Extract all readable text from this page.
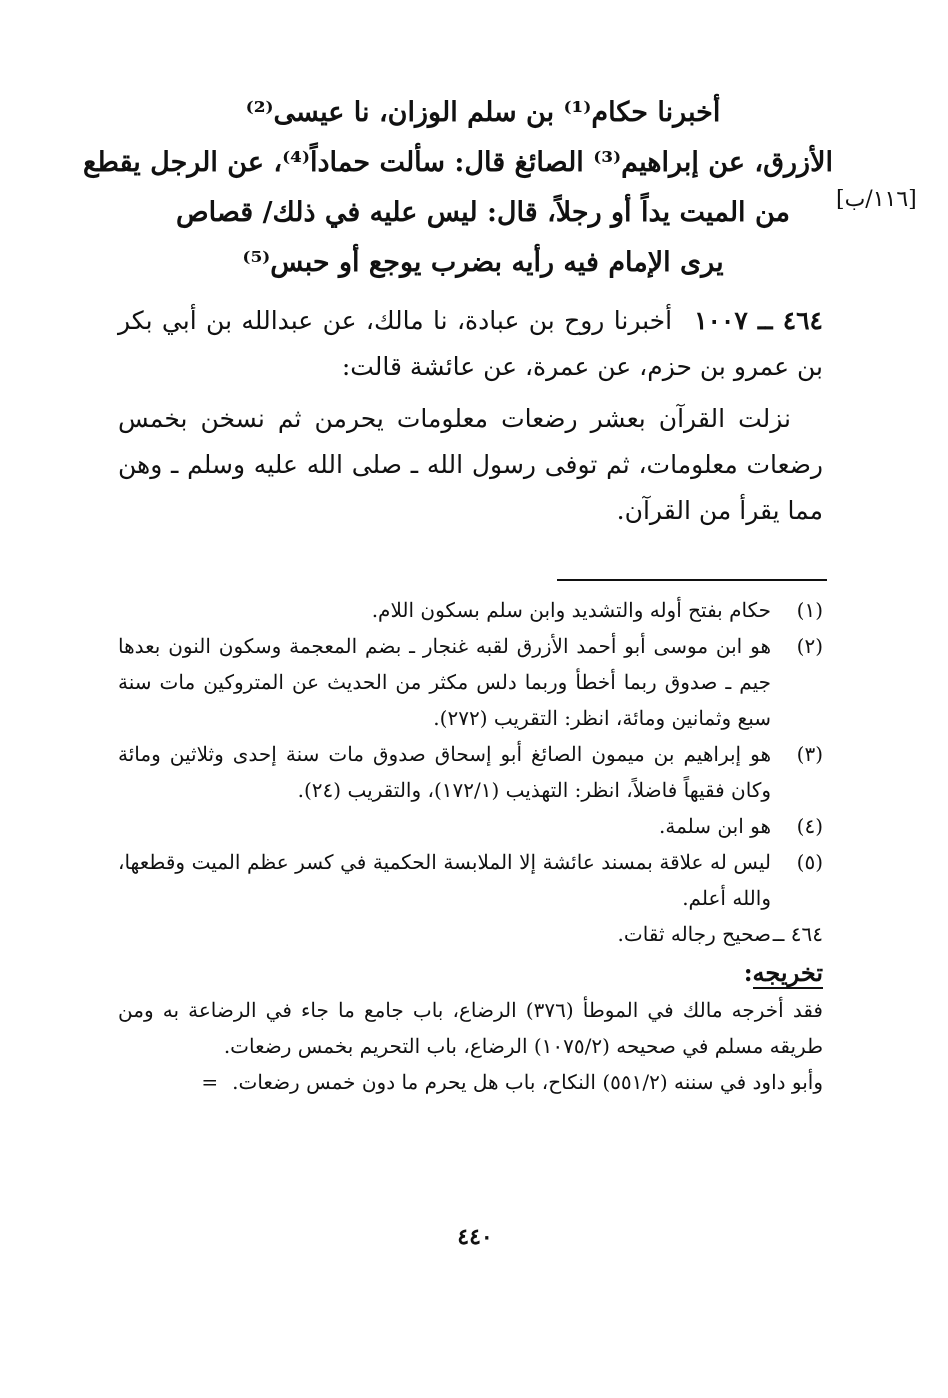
أخبرنا حكام⁽¹⁾ بن سلم الوزان، نا عيسى⁽²⁾
الأزرق، عن إبراهيم⁽³⁾ الصائغ قال: سألت حماداً⁽⁴⁾، عن الرجل يقطع
من الميت يداً أو رجلاً، قال: ليس عليه في ذلك/ قصاص
يرى الإمام فيه رأيه بضرب يوجع أو حبس⁽⁵⁾
[١١٦/ب]

٤٦٤ ــ ١٠٠٧أخبرنا روح بن عبادة، نا مالك، عن عبدالله بن أبي بكر بن عمرو بن حزم، عن عمرة، عن عائشة قالت:

نزلت القرآن بعشر رضعات معلومات يحرمن ثم نسخن بخمس رضعات معلومات، ثم توفى رسول الله ـ صلى الله عليه وسلم ـ وهن مما يقرأ من القرآن.

(١)
حكام بفتح أوله والتشديد وابن سلم بسكون اللام.
(٢)
هو ابن موسى أبو أحمد الأزرق لقبه غنجار ـ بضم المعجمة وسكون النون بعدها جيم ـ صدوق ربما أخطأ وربما دلس مكثر من الحديث عن المتروكين مات سنة سبع وثمانين ومائة، انظر: التقريب (٢٧٢).
(٣)
هو إبراهيم بن ميمون الصائغ أبو إسحاق صدوق مات سنة إحدى وثلاثين ومائة وكان فقيهاً فاضلاً، انظر: التهذيب (١٧٢/١)، والتقريب (٢٤).
(٤)
هو ابن سلمة.
(٥)
ليس له علاقة بمسند عائشة إلا الملابسة الحكمية في كسر عظم الميت وقطعها، والله أعلم.
٤٦٤ ــ
صحيح رجاله ثقات.
تخريجه:
فقد أخرجه مالك في الموطأ (٣٧٦) الرضاع، باب جامع ما جاء في الرضاعة به ومن طريقه مسلم في صحيحه (١٠٧٥/٢) الرضاع، باب التحريم بخمس رضعات.
وأبو داود في سننه (٥٥١/٢) النكاح، باب هل يحرم ما دون خمس رضعات.=
٤٤٠
